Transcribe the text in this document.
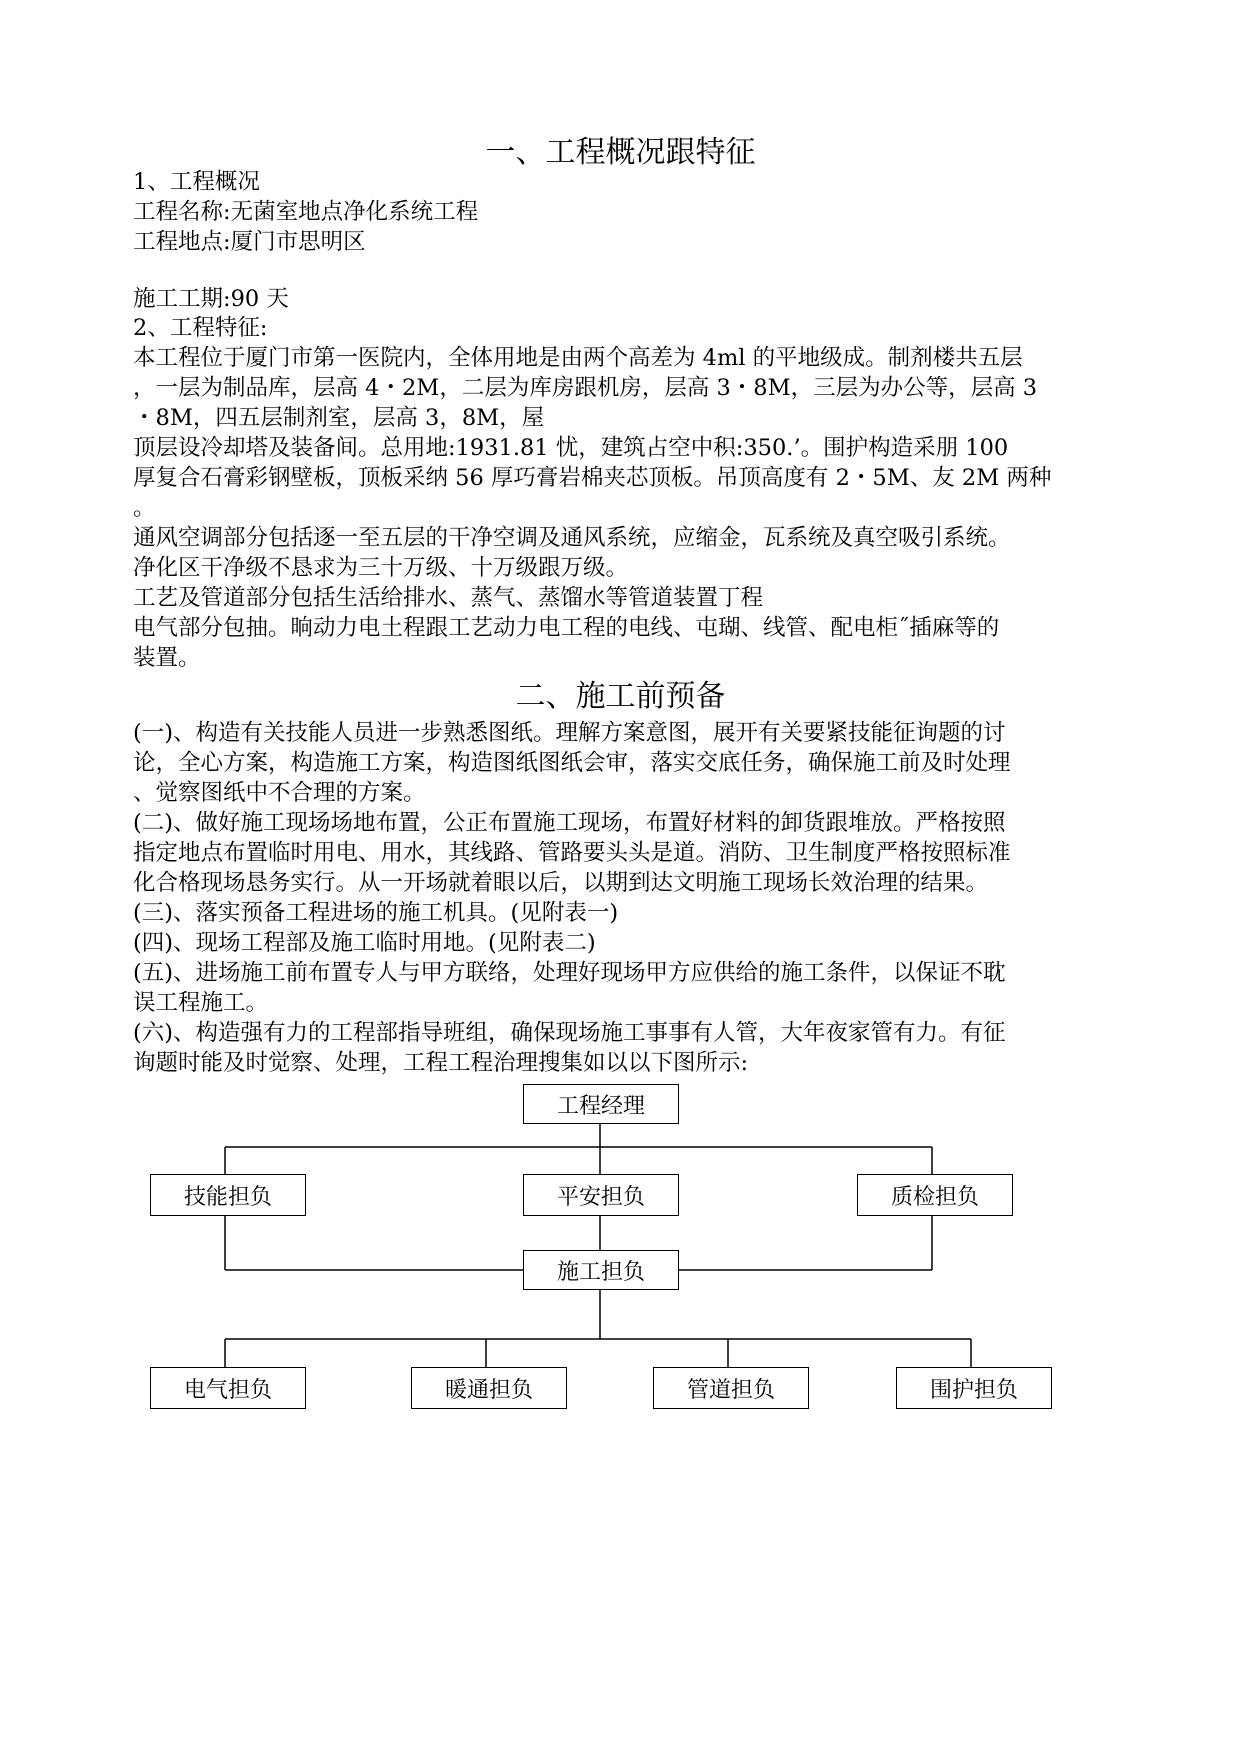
一、工程概况跟特征
1、工程概况
工程名称:无菌室地点净化系统工程
工程地点:厦门市思明区
施工工期:90 天
2、工程特征:
本工程位于厦门市第一医院内，全体用地是由两个高差为 4ml 的平地级成。制剂楼共五层
，一层为制品库，层高 4・2M，二层为库房跟机房，层高 3・8M，三层为办公等，层高 3
・8M，四五层制剂室，层高 3，8M，屋
顶层设冷却塔及装备间。总用地:1931.81 忧，建筑占空中积:350.’。围护构造采朋 100
厚复合石膏彩钢壁板，顶板采纳 56 厚巧膏岩棉夹芯顶板。吊顶高度有 2・5M、友 2M 两种
。
通风空调部分包括逐一至五层的干净空调及通风系统，应缩金，瓦系统及真空吸引系统。
净化区干净级不恳求为三十万级、十万级跟万级。
工艺及管道部分包括生活给排水、蒸气、蒸馏水等管道装置丁程
电气部分包抽。晌动力电土程跟工艺动力电工程的电线、屯瑚、线管、配电柜˝插麻等的
装置。
二、施工前预备
(一)、构造有关技能人员进一步熟悉图纸。理解方案意图，展开有关要紧技能征询题的讨
论，全心方案，构造施工方案，构造图纸图纸会审，落实交底任务，确保施工前及时处理
、觉察图纸中不合理的方案。
(二)、做好施工现场场地布置，公正布置施工现场，布置好材料的卸货跟堆放。严格按照
指定地点布置临时用电、用水，其线路、管路要头头是道。消防、卫生制度严格按照标准
化合格现场恳务实行。从一开场就着眼以后，以期到达文明施工现场长效治理的结果。
(三)、落实预备工程进场的施工机具。(见附表一)
(四)、现场工程部及施工临时用地。(见附表二)
(五)、进场施工前布置专人与甲方联络，处理好现场甲方应供给的施工条件，以保证不耽
误工程施工。
(六)、构造强有力的工程部指导班组，确保现场施工事事有人管，大年夜家管有力。有征
询题时能及时觉察、处理，工程工程治理搜集如以以下图所示:
工程经理
技能担负	平安担负	质检担负
施工担负
电气担负	暖通担负	管道担负	围护担负
